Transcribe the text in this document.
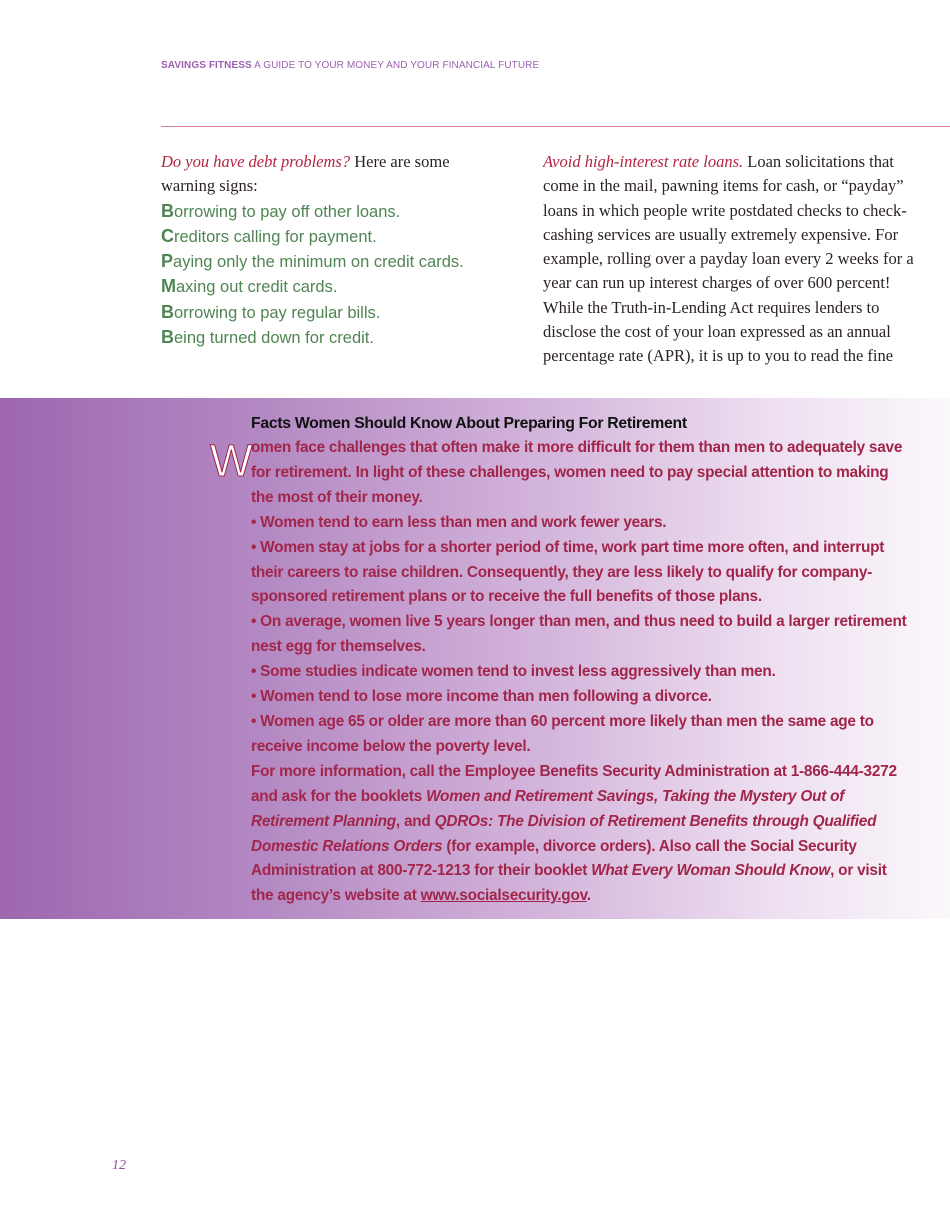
SAVINGS FITNESS A GUIDE TO YOUR MONEY AND YOUR FINANCIAL FUTURE
Do you have debt problems? Here are some warning signs:
Borrowing to pay off other loans.
Creditors calling for payment.
Paying only the minimum on credit cards.
Maxing out credit cards.
Borrowing to pay regular bills.
Being turned down for credit.
Avoid high-interest rate loans. Loan solicitations that come in the mail, pawning items for cash, or “payday” loans in which people write postdated checks to check-cashing services are usually extremely expensive. For example, rolling over a payday loan every 2 weeks for a year can run up interest charges of over 600 percent! While the Truth-in-Lending Act requires lenders to disclose the cost of your loan expressed as an annual percentage rate (APR), it is up to you to read the fine
Facts Women Should Know About Preparing For Retirement
W

omen face challenges that often make it more difficult for them than men to adequately save for retirement. In light of these challenges, women need to pay special attention to making the most of their money.

• Women tend to earn less than men and work fewer years.
• Women stay at jobs for a shorter period of time, work part time more often, and interrupt their careers to raise children. Consequently, they are less likely to qualify for company-sponsored retirement plans or to receive the full benefits of those plans.
• On average, women live 5 years longer than men, and thus need to build a larger retirement nest egg for themselves.
• Some studies indicate women tend to invest less aggressively than men.
• Women tend to lose more income than men following a divorce.
• Women age 65 or older are more than 60 percent more likely than men the same age to receive income below the poverty level.

For more information, call the Employee Benefits Security Administration at 1-866-444-3272 and ask for the booklets Women and Retirement Savings, Taking the Mystery Out of Retirement Planning, and QDROs: The Division of Retirement Benefits through Qualified Domestic Relations Orders (for example, divorce orders). Also call the Social Security Administration at 800-772-1213 for their booklet What Every Woman Should Know, or visit the agency’s website at www.socialsecurity.gov.

12
